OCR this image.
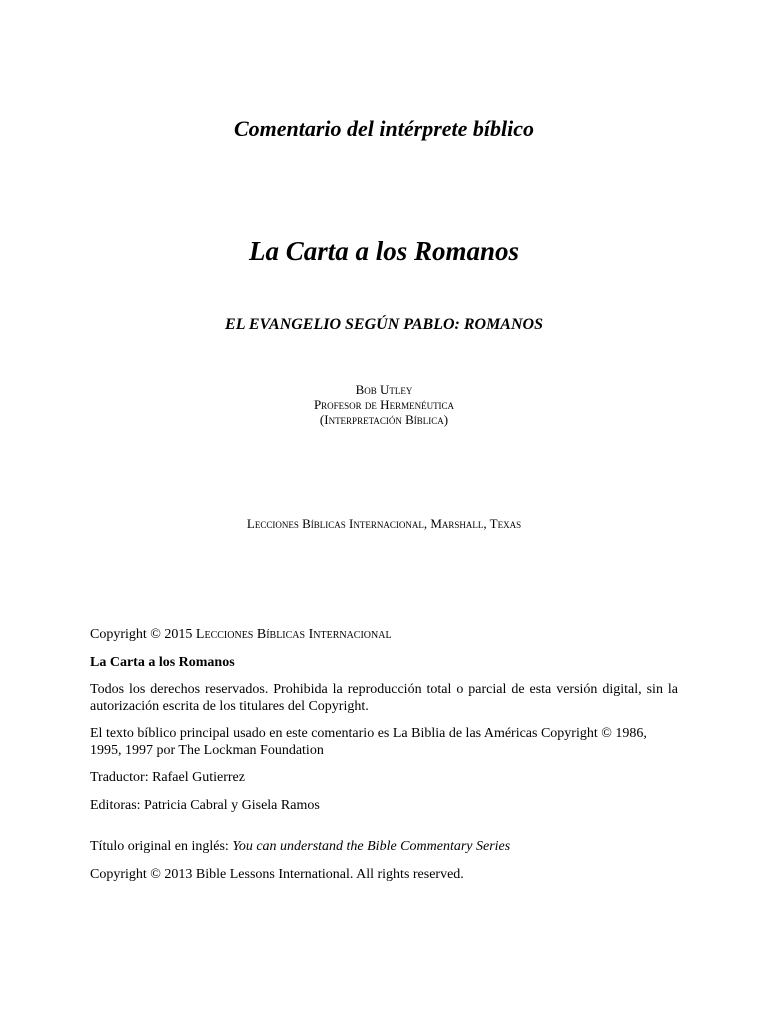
Comentario del intérprete bíblico
La Carta a los Romanos
EL EVANGELIO SEGÚN PABLO: ROMANOS
Bob Utley
Profesor de Hermenéutica
(Interpretación Bíblica)
Lecciones Bíblicas Internacional, Marshall, Texas

Copyright © 2015 Lecciones Bíblicas Internacional

La Carta a los Romanos

Todos los derechos reservados. Prohibida la reproducción total o parcial de esta versión digital, sin la autorización escrita de los titulares del Copyright.

El texto bíblico principal usado en este comentario es La Biblia de las Américas Copyright © 1986, 1995, 1997 por The Lockman Foundation

Traductor: Rafael Gutierrez

Editoras: Patricia Cabral y Gisela Ramos

Título original en inglés: You can understand the Bible Commentary Series

Copyright © 2013 Bible Lessons International. All rights reserved.
